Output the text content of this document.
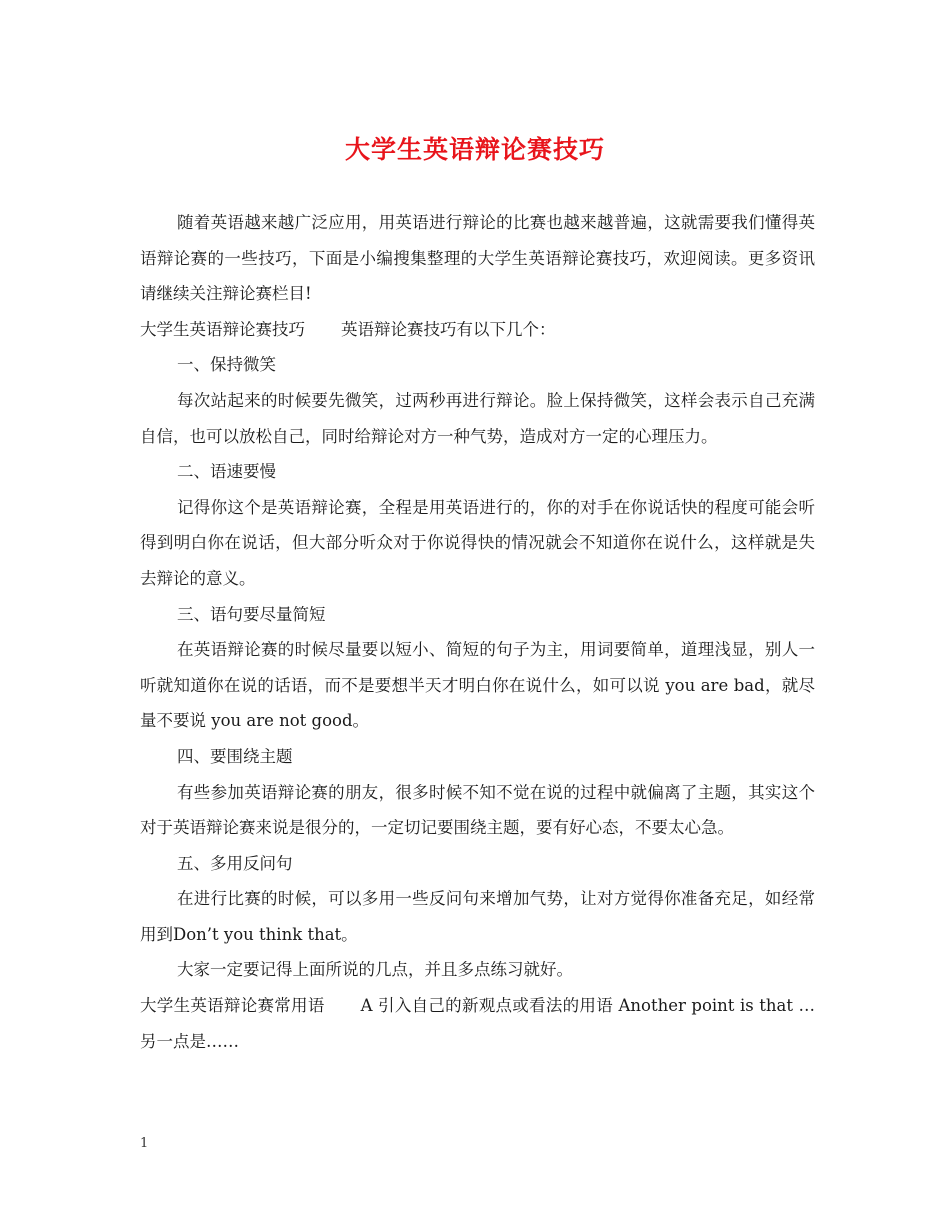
大学生英语辩论赛技巧

随着英语越来越广泛应用，用英语进行辩论的比赛也越来越普遍，这就需要我们懂得英语辩论赛的一些技巧，下面是小编搜集整理的大学生英语辩论赛技巧，欢迎阅读。更多资讯请继续关注辩论赛栏目!

大学生英语辩论赛技巧 英语辩论赛技巧有以下几个：

一、保持微笑

每次站起来的时候要先微笑，过两秒再进行辩论。脸上保持微笑，这样会表示自己充满自信，也可以放松自己，同时给辩论对方一种气势，造成对方一定的心理压力。

二、语速要慢

记得你这个是英语辩论赛，全程是用英语进行的，你的对手在你说话快的程度可能会听得到明白你在说话，但大部分听众对于你说得快的情况就会不知道你在说什么，这样就是失去辩论的意义。

三、语句要尽量简短

在英语辩论赛的时候尽量要以短小、简短的句子为主，用词要简单，道理浅显，别人一听就知道你在说的话语，而不是要想半天才明白你在说什么，如可以说 you are bad，就尽量不要说 you are not good。

四、要围绕主题

有些参加英语辩论赛的朋友，很多时候不知不觉在说的过程中就偏离了主题，其实这个对于英语辩论赛来说是很分的，一定切记要围绕主题，要有好心态，不要太心急。

五、多用反问句

在进行比赛的时候，可以多用一些反问句来增加气势，让对方觉得你准备充足，如经常用到Don’t you think that。

大家一定要记得上面所说的几点，并且多点练习就好。

大学生英语辩论赛常用语 A 引入自己的新观点或看法的用语 Another point is that … 另一点是……

1
